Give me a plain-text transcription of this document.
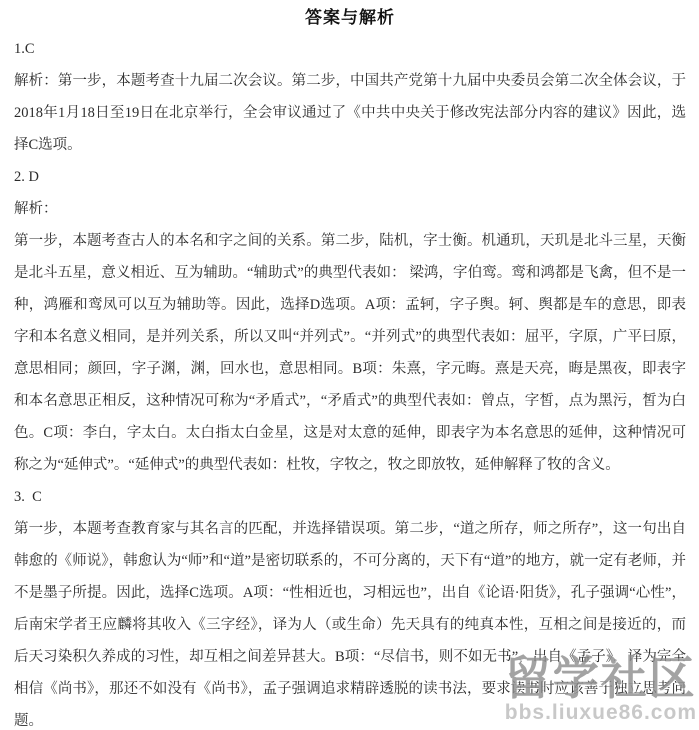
答案与解析
1.C

解析：第一步，本题考查十九届二次会议。第二步，中国共产党第十九届中央委员会第二次全体会议，于2018年1月18日至19日在北京举行，全会审议通过了《中共中央关于修改宪法部分内容的建议》因此，选择C选项。

2. D
解析：

第一步，本题考查古人的本名和字之间的关系。第二步，陆机，字士衡。机通玑，天玑是北斗三星，天衡是北斗五星，意义相近、互为辅助。“辅助式”的典型代表如： 梁鸿，字伯鸾。鸾和鸿都是飞禽，但不是一种，鸿雁和鸾凤可以互为辅助等。因此，选择D选项。A项：孟轲，字子舆。轲、舆都是车的意思，即表字和本名意义相同，是并列关系，所以又叫“并列式”。“并列式”的典型代表如：屈平，字原，广平曰原，意思相同；颜回，字子渊，渊，回水也，意思相同。B项：朱熹，字元晦。熹是天亮，晦是黑夜，即表字和本名意思正相反，这种情况可称为“矛盾式”，“矛盾式”的典型代表如：曾点，字皙，点为黑污，皙为白色。C项：李白，字太白。太白指太白金星，这是对太意的延伸，即表字为本名意思的延伸，这种情况可称之为“延伸式”。“延伸式”的典型代表如：杜牧，字牧之，牧之即放牧，延伸解释了牧的含义。

3.  C

第一步，本题考查教育家与其名言的匹配，并选择错误项。第二步，“道之所存，师之所存”，这一句出自韩愈的《师说》，韩愈认为“师”和“道”是密切联系的，不可分离的，天下有“道”的地方，就一定有老师，并不是墨子所提。因此，选择C选项。A项：“性相近也，习相远也”，出自《论语·阳货》，孔子强调“心性”，后南宋学者王应麟将其收入《三字经》，译为人（或生命）先天具有的纯真本性，互相之间是接近的，而后天习染积久养成的习性，却互相之间差异甚大。B项：“尽信书，则不如无书”，出自《孟子》，译为完全相信《尚书》，那还不如没有《尚书》，孟子强调追求精辟透脱的读书法，要求读书时应该善于独立思考问题。

留学社区
bbs.liuxue86.com
